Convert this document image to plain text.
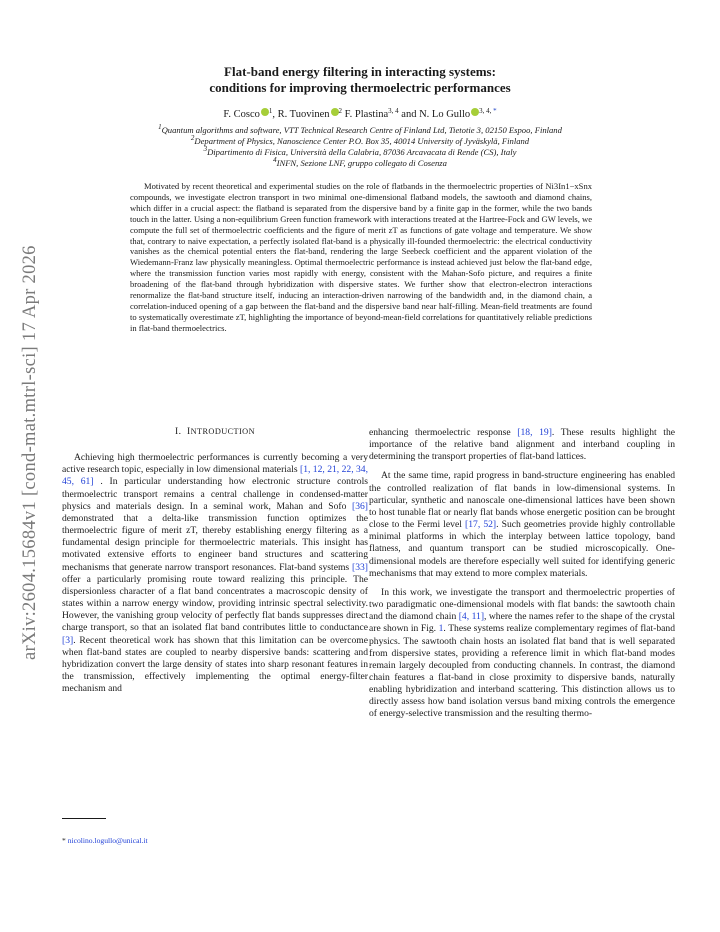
arXiv:2604.15684v1 [cond-mat.mtrl-sci] 17 Apr 2026
Flat-band energy filtering in interacting systems:
conditions for improving thermoelectric performances
F. Cosco $^1$, R. Tuovinen $^2$ F. Plastina$^{3, 4}$ and N. Lo Gullo $^{3, 4, *}$

$^1$Quantum algorithms and software, VTT Technical Research Centre of Finland Ltd, Tietotie 3, 02150 Espoo, Finland

$^2$Department of Physics, Nanoscience Center P.O. Box 35, 40014 University of Jyväskylä, Finland

$^3$Dipartimento di Fisica, Università della Calabria, 87036 Arcavacata di Rende (CS), Italy

$^4$INFN, Sezione LNF, gruppo collegato di Cosenza

Motivated by recent theoretical and experimental studies on the role of flatbands in the thermoelectric properties of Ni3In1−xSnx compounds, we investigate electron transport in two minimal one-dimensional flatband models, the sawtooth and diamond chains, which differ in a crucial aspect: the flatband is separated from the dispersive band by a finite gap in the former, while the two bands touch in the latter. Using a non-equilibrium Green function framework with interactions treated at the Hartree-Fock and GW levels, we compute the full set of thermoelectric coefficients and the figure of merit zT as functions of gate voltage and temperature. We show that, contrary to naive expectation, a perfectly isolated flat-band is a physically ill-founded thermoelectric: the electrical conductivity vanishes as the chemical potential enters the flat-band, rendering the large Seebeck coefficient and the apparent violation of the Wiedemann-Franz law physically meaningless. Optimal thermoelectric performance is instead achieved just below the flat-band edge, where the transmission function varies most rapidly with energy, consistent with the Mahan-Sofo picture, and requires a finite broadening of the flat-band through hybridization with dispersive states. We further show that electron-electron interactions renormalize the flat-band structure itself, inducing an interaction-driven narrowing of the bandwidth and, in the diamond chain, a correlation-induced opening of a gap between the flat-band and the dispersive band near half-filling. Mean-field treatments are found to systematically overestimate zT, highlighting the importance of beyond-mean-field correlations for quantitatively reliable predictions in flat-band thermoelectrics.

I. INTRODUCTION

Achieving high thermoelectric performances is currently becoming a very active research topic, especially in low dimensional materials [1, 12, 21, 22, 34, 45, 61] . In particular understanding how electronic structure controls thermoelectric transport remains a central challenge in condensed-matter physics and materials design. In a seminal work, Mahan and Sofo [36] demonstrated that a delta-like transmission function optimizes the thermoelectric figure of merit zT, thereby establishing energy filtering as a fundamental design principle for thermoelectric materials. This insight has motivated extensive efforts to engineer band structures and scattering mechanisms that generate narrow transport resonances. Flat-band systems [33] offer a particularly promising route toward realizing this principle. The dispersionless character of a flat band concentrates a macroscopic density of states within a narrow energy window, providing intrinsic spectral selectivity. However, the vanishing group velocity of perfectly flat bands suppresses direct charge transport, so that an isolated flat band contributes little to conductance [3]. Recent theoretical work has shown that this limitation can be overcome when flat-band states are coupled to nearby dispersive bands: scattering and hybridization convert the large density of states into sharp resonant features in the transmission, effectively implementing the optimal energy-filter mechanism and

enhancing thermoelectric response [18, 19]. These results highlight the importance of the relative band alignment and interband coupling in determining the transport properties of flat-band lattices.

At the same time, rapid progress in band-structure engineering has enabled the controlled realization of flat bands in low-dimensional systems. In particular, synthetic and nanoscale one-dimensional lattices have been shown to host tunable flat or nearly flat bands whose energetic position can be brought close to the Fermi level [17, 52]. Such geometries provide highly controllable minimal platforms in which the interplay between lattice topology, band flatness, and quantum transport can be studied microscopically. One-dimensional models are therefore especially well suited for identifying generic mechanisms that may extend to more complex materials.

In this work, we investigate the transport and thermoelectric properties of two paradigmatic one-dimensional models with flat bands: the sawtooth chain and the diamond chain [4, 11], where the names refer to the shape of the crystal are shown in Fig. 1. These systems realize complementary regimes of flat-band physics. The sawtooth chain hosts an isolated flat band that is well separated from dispersive states, providing a reference limit in which flat-band modes remain largely decoupled from conducting channels. In contrast, the diamond chain features a flat-band in close proximity to dispersive bands, naturally enabling hybridization and interband scattering. This distinction allows us to directly assess how band isolation versus band mixing controls the emergence of energy-selective transmission and the resulting thermo-

* nicolino.logullo@unical.it
